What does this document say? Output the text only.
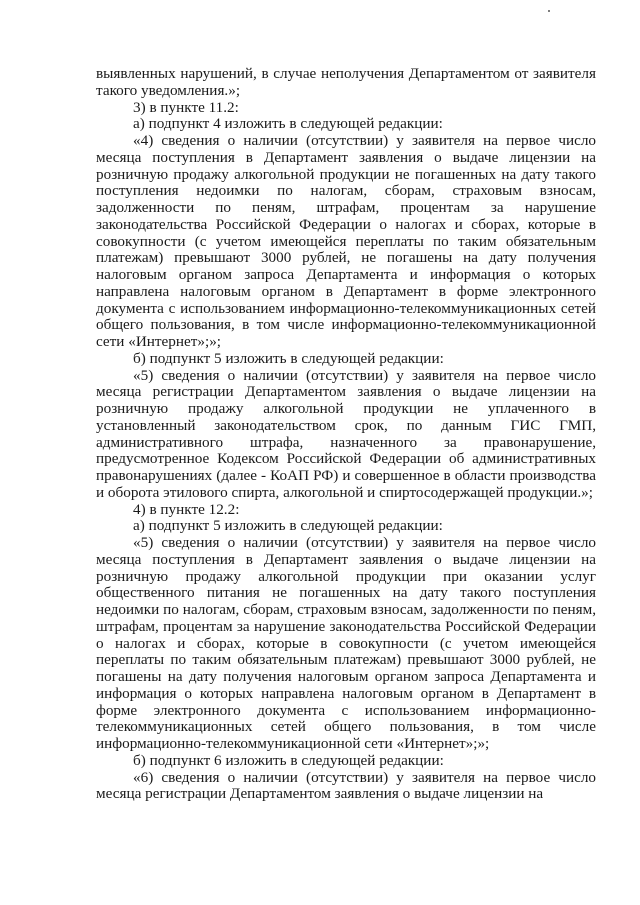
выявленных нарушений, в случае неполучения Департаментом от заявителя такого уведомления.»;

3) в пункте 11.2:

а) подпункт 4 изложить в следующей редакции:

«4) сведения о наличии (отсутствии) у заявителя на первое число месяца поступления в Департамент заявления о выдаче лицензии на розничную продажу алкогольной продукции не погашенных на дату такого поступления недоимки по налогам, сборам, страховым взносам, задолженности по пеням, штрафам, процентам за нарушение законодательства Российской Федерации о налогах и сборах, которые в совокупности (с учетом имеющейся переплаты по таким обязательным платежам) превышают 3000 рублей, не погашены на дату получения налоговым органом запроса Департамента и информация о которых направлена налоговым органом в Департамент в форме электронного документа с использованием информационно-телекоммуникационных сетей общего пользования, в том числе информационно-телекоммуникационной сети «Интернет»;»;

б) подпункт 5 изложить в следующей редакции:

«5) сведения о наличии (отсутствии) у заявителя на первое число месяца регистрации Департаментом заявления о выдаче лицензии на розничную продажу алкогольной продукции не уплаченного в установленный законодательством срок, по данным ГИС ГМП, административного штрафа, назначенного за правонарушение, предусмотренное Кодексом Российской Федерации об административных правонарушениях (далее - КоАП РФ) и совершенное в области производства и оборота этилового спирта, алкогольной и спиртосодержащей продукции.»;

4) в пункте 12.2:

а) подпункт 5 изложить в следующей редакции:

«5) сведения о наличии (отсутствии) у заявителя на первое число месяца поступления в Департамент заявления о выдаче лицензии на розничную продажу алкогольной продукции при оказании услуг общественного питания не погашенных на дату такого поступления недоимки по налогам, сборам, страховым взносам, задолженности по пеням, штрафам, процентам за нарушение законодательства Российской Федерации о налогах и сборах, которые в совокупности (с учетом имеющейся переплаты по таким обязательным платежам) превышают 3000 рублей, не погашены на дату получения налоговым органом запроса Департамента и информация о которых направлена налоговым органом в Департамент в форме электронного документа с использованием информационно-телекоммуникационных сетей общего пользования, в том числе информационно-телекоммуникационной сети «Интернет»;»;

б) подпункт 6 изложить в следующей редакции:

«6) сведения о наличии (отсутствии) у заявителя на первое число месяца регистрации Департаментом заявления о выдаче лицензии на
